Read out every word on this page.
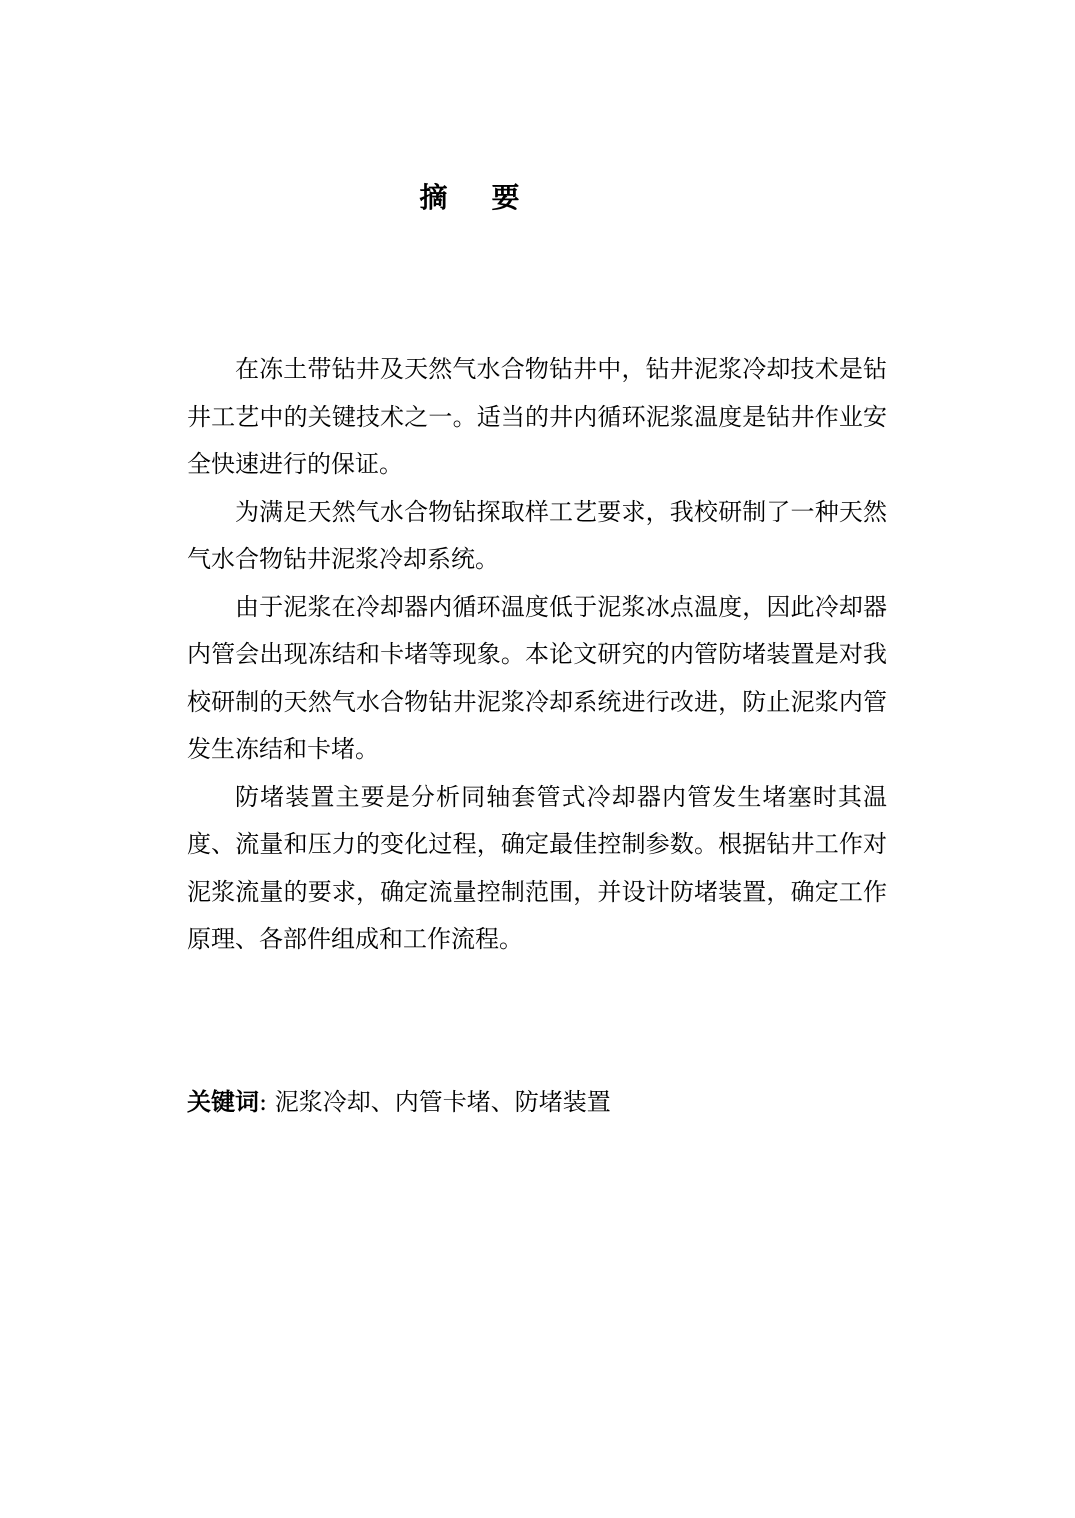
摘    要

在冻土带钻井及天然气水合物钻井中，钻井泥浆冷却技术是钻井工艺中的关键技术之一。适当的井内循环泥浆温度是钻井作业安全快速进行的保证。

为满足天然气水合物钻探取样工艺要求，我校研制了一种天然气水合物钻井泥浆冷却系统。

由于泥浆在冷却器内循环温度低于泥浆冰点温度，因此冷却器内管会出现冻结和卡堵等现象。本论文研究的内管防堵装置是对我校研制的天然气水合物钻井泥浆冷却系统进行改进，防止泥浆内管发生冻结和卡堵。

防堵装置主要是分析同轴套管式冷却器内管发生堵塞时其温度、流量和压力的变化过程，确定最佳控制参数。根据钻井工作对泥浆流量的要求，确定流量控制范围，并设计防堵装置，确定工作原理、各部件组成和工作流程。

关键词: 泥浆冷却、内管卡堵、防堵装置
